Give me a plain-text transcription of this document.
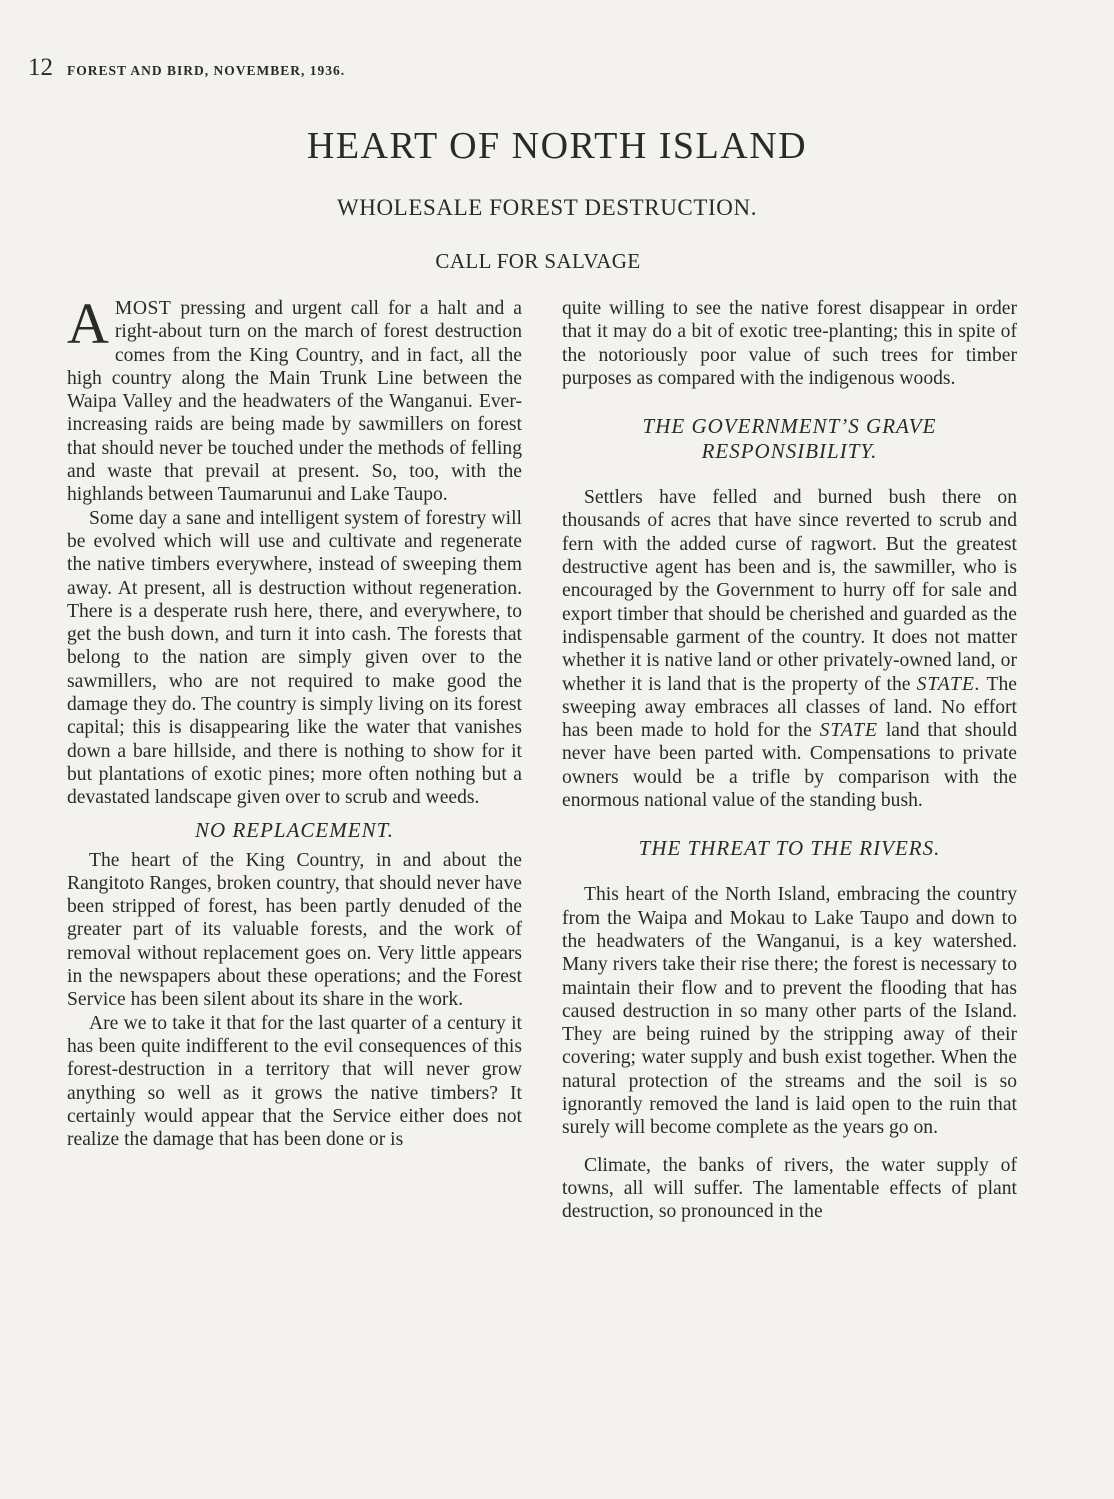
12 FOREST AND BIRD, NOVEMBER, 1936.
HEART OF NORTH ISLAND
WHOLESALE FOREST DESTRUCTION.
CALL FOR SALVAGE

AMOST pressing and urgent call for a halt and a right-about turn on the march of forest destruction comes from the King Country, and in fact, all the high country along the Main Trunk Line between the Waipa Valley and the headwaters of the Wanganui. Ever-increasing raids are being made by sawmillers on forest that should never be touched under the methods of felling and waste that prevail at present. So, too, with the highlands between Taumarunui and Lake Taupo.

Some day a sane and intelligent system of forestry will be evolved which will use and cultivate and regenerate the native timbers everywhere, instead of sweeping them away. At present, all is destruction without regeneration. There is a desperate rush here, there, and everywhere, to get the bush down, and turn it into cash. The forests that belong to the nation are simply given over to the sawmillers, who are not required to make good the damage they do. The country is simply living on its forest capital; this is disappearing like the water that vanishes down a bare hillside, and there is nothing to show for it but plantations of exotic pines; more often nothing but a devastated landscape given over to scrub and weeds.

NO REPLACEMENT.

The heart of the King Country, in and about the Rangitoto Ranges, broken country, that should never have been stripped of forest, has been partly denuded of the greater part of its valuable forests, and the work of removal without replacement goes on. Very little appears in the newspapers about these operations; and the Forest Service has been silent about its share in the work.

Are we to take it that for the last quarter of a century it has been quite indifferent to the evil consequences of this forest-destruction in a territory that will never grow anything so well as it grows the native timbers? It certainly would appear that the Service either does not realize the damage that has been done or is

quite willing to see the native forest disappear in order that it may do a bit of exotic tree-planting; this in spite of the notoriously poor value of such trees for timber purposes as compared with the indigenous woods.

THE GOVERNMENT’S GRAVE
RESPONSIBILITY.

Settlers have felled and burned bush there on thousands of acres that have since reverted to scrub and fern with the added curse of ragwort. But the greatest destructive agent has been and is, the sawmiller, who is encouraged by the Government to hurry off for sale and export timber that should be cherished and guarded as the indispensable garment of the country. It does not matter whether it is native land or other privately-owned land, or whether it is land that is the property of the STATE. The sweeping away embraces all classes of land. No effort has been made to hold for the STATE land that should never have been parted with. Compensations to private owners would be a trifle by comparison with the enormous national value of the standing bush.

THE THREAT TO THE RIVERS.

This heart of the North Island, embracing the country from the Waipa and Mokau to Lake Taupo and down to the headwaters of the Wanganui, is a key watershed. Many rivers take their rise there; the forest is necessary to maintain their flow and to prevent the flooding that has caused destruction in so many other parts of the Island. They are being ruined by the stripping away of their covering; water supply and bush exist together. When the natural protection of the streams and the soil is so ignorantly removed the land is laid open to the ruin that surely will become complete as the years go on.

Climate, the banks of rivers, the water supply of towns, all will suffer. The lamentable effects of plant destruction, so pronounced in the
